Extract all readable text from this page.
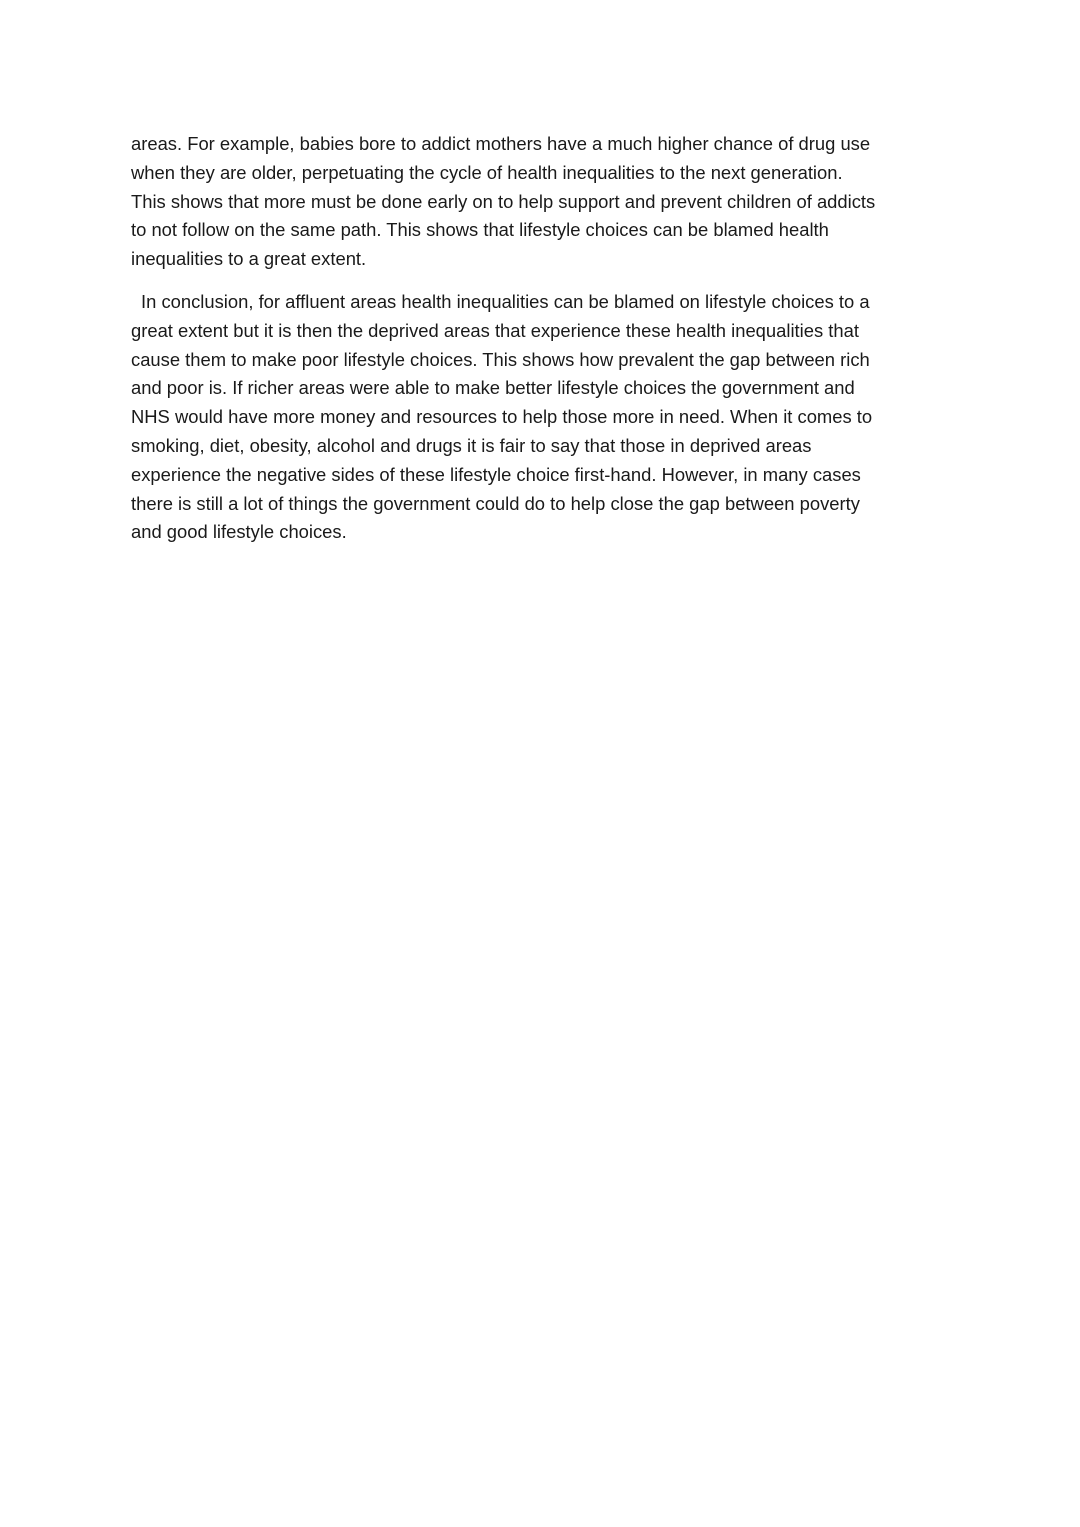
areas. For example, babies bore to addict mothers have a much higher chance of drug use
when they are older, perpetuating the cycle of health inequalities to the next generation.
This shows that more must be done early on to help support and prevent children of addicts
to not follow on the same path. This shows that lifestyle choices can be blamed health
inequalities to a great extent.

In conclusion, for affluent areas health inequalities can be blamed on lifestyle choices to a
great extent but it is then the deprived areas that experience these health inequalities that
cause them to make poor lifestyle choices. This shows how prevalent the gap between rich
and poor is. If richer areas were able to make better lifestyle choices the government and
NHS would have more money and resources to help those more in need. When it comes to
smoking, diet, obesity, alcohol and drugs it is fair to say that those in deprived areas
experience the negative sides of these lifestyle choice first-hand. However, in many cases
there is still a lot of things the government could do to help close the gap between poverty
and good lifestyle choices.
